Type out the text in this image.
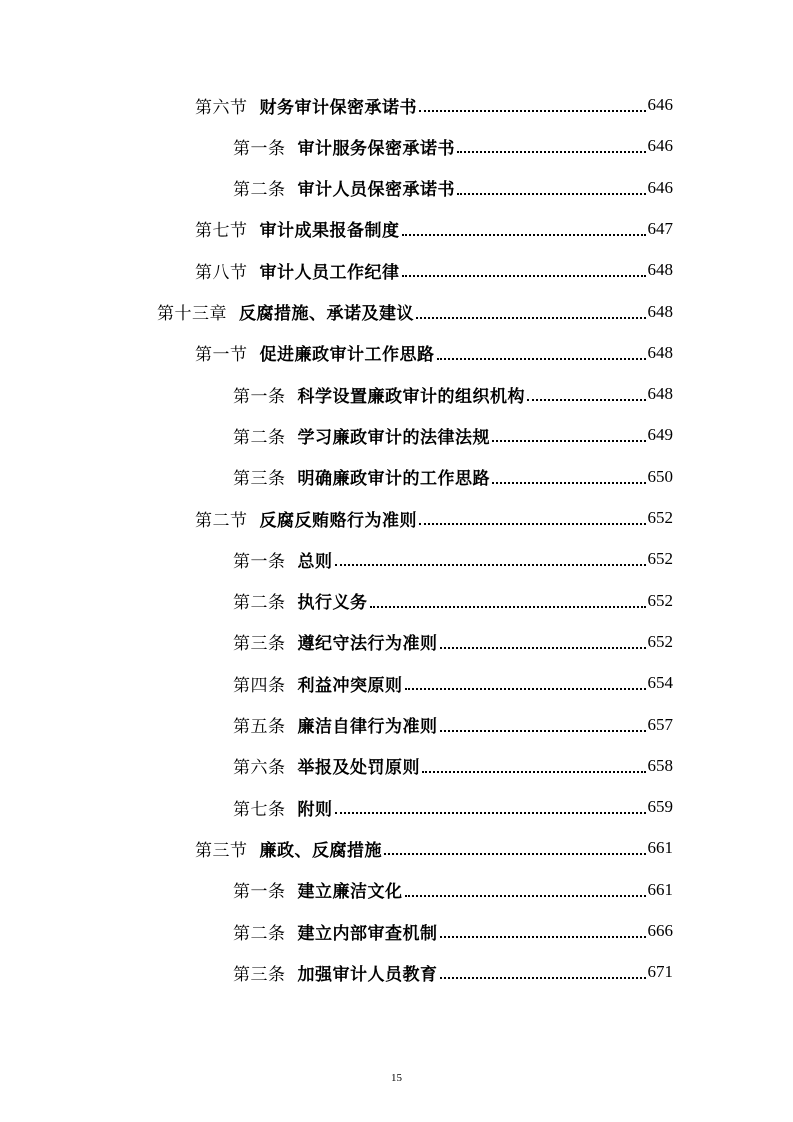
第六节 财务审计保密承诺书	646
第一条 审计服务保密承诺书	646
第二条 审计人员保密承诺书	646
第七节 审计成果报备制度	647
第八节 审计人员工作纪律	648
第十三章 反腐措施、承诺及建议	648
第一节 促进廉政审计工作思路	648
第一条 科学设置廉政审计的组织机构	648
第二条 学习廉政审计的法律法规	649
第三条 明确廉政审计的工作思路	650
第二节 反腐反贿赂行为准则	652
第一条 总则	652
第二条 执行义务	652
第三条 遵纪守法行为准则	652
第四条 利益冲突原则	654
第五条 廉洁自律行为准则	657
第六条 举报及处罚原则	658
第七条 附则	659
第三节 廉政、反腐措施	661
第一条 建立廉洁文化	661
第二条 建立内部审查机制	666
第三条 加强审计人员教育	671
15
